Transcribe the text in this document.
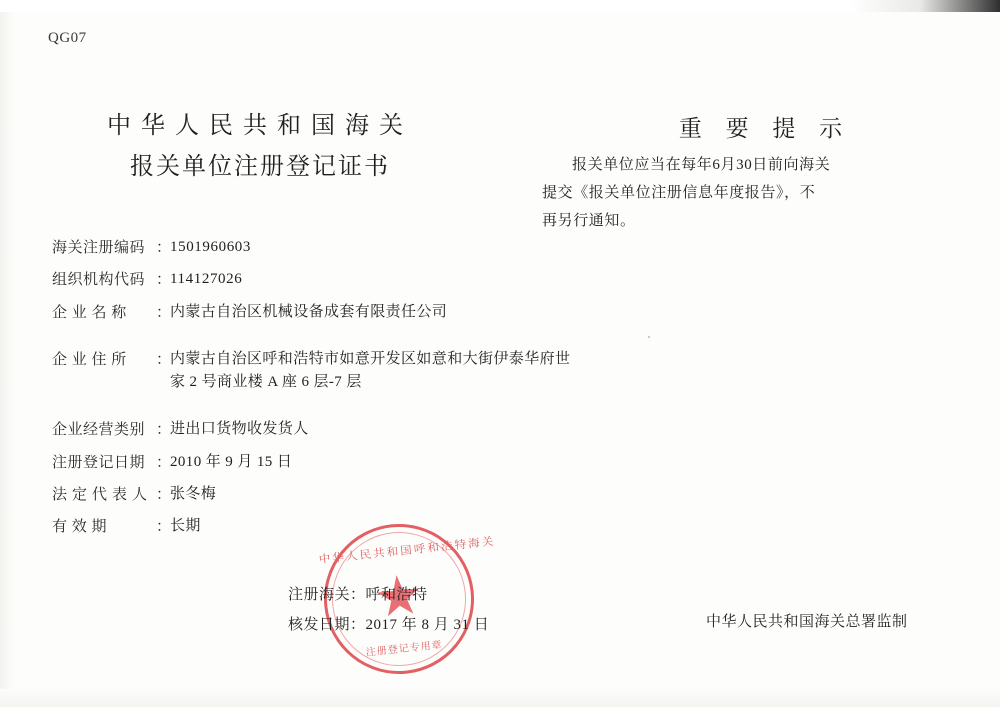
QG07
中华人民共和国海关
报关单位注册登记证书
海关注册编码 ：
1501960603
组织机构代码 ：
114127026
企 业 名 称	：
内蒙古自治区机械设备成套有限责任公司
企 业 住 所	：
内蒙古自治区呼和浩特市如意开发区如意和大街伊泰华府世家 2 号商业楼 A 座 6 层-7 层
企业经营类别 ：
进出口货物收发货人
注册登记日期 ：
2010 年 9 月 15 日
法定代表人 ：
张冬梅
有 效 期	：
长期
重 要 提 示

报关单位应当在每年6月30日前向海关

提交《报关单位注册信息年度报告》，不

再另行通知。

中华人民共和国呼和浩特海关
注册登记专用章
注册海关：呼和浩特
核发日期：2017 年 8 月 31 日	中华人民共和国海关总署监制
